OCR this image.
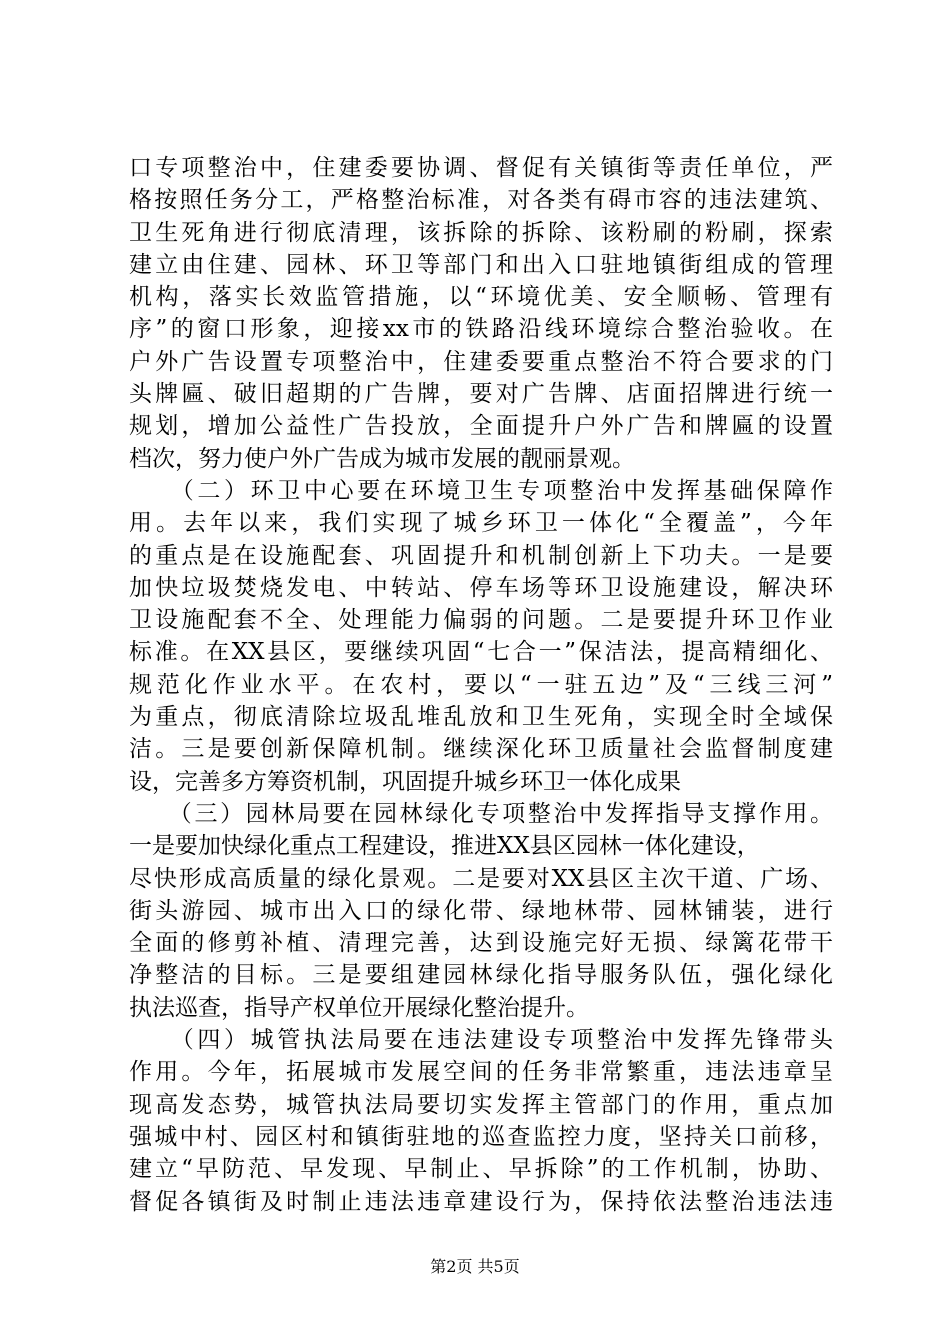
口专项整治中，住建委要协调、督促有关镇街等责任单位，严
格按照任务分工，严格整治标准，对各类有碍市容的违法建筑、
卫生死角进行彻底清理，该拆除的拆除、该粉刷的粉刷，探索
建立由住建、园林、环卫等部门和出入口驻地镇街组成的管理
机构，落实长效监管措施，以“环境优美、安全顺畅、管理有
序”的窗口形象，迎接xx市的铁路沿线环境综合整治验收。在
户外广告设置专项整治中，住建委要重点整治不符合要求的门
头牌匾、破旧超期的广告牌，要对广告牌、店面招牌进行统一
规划，增加公益性广告投放，全面提升户外广告和牌匾的设置
档次，努力使户外广告成为城市发展的靓丽景观。
　　（二）环卫中心要在环境卫生专项整治中发挥基础保障作
用。去年以来，我们实现了城乡环卫一体化“全覆盖”，今年
的重点是在设施配套、巩固提升和机制创新上下功夫。一是要
加快垃圾焚烧发电、中转站、停车场等环卫设施建设，解决环
卫设施配套不全、处理能力偏弱的问题。二是要提升环卫作业
标准。在XX县区，要继续巩固“七合一”保洁法，提高精细化、
规范化作业水平。在农村，要以“一驻五边”及“三线三河”
为重点，彻底清除垃圾乱堆乱放和卫生死角，实现全时全域保
洁。三是要创新保障机制。继续深化环卫质量社会监督制度建
设，完善多方筹资机制，巩固提升城乡环卫一体化成果
　　（三）园林局要在园林绿化专项整治中发挥指导支撑作用。
一是要加快绿化重点工程建设，推进XX县区园林一体化建设，
尽快形成高质量的绿化景观。二是要对XX县区主次干道、广场、
街头游园、城市出入口的绿化带、绿地林带、园林铺装，进行
全面的修剪补植、清理完善，达到设施完好无损、绿篱花带干
净整洁的目标。三是要组建园林绿化指导服务队伍，强化绿化
执法巡查，指导产权单位开展绿化整治提升。
　　（四）城管执法局要在违法建设专项整治中发挥先锋带头
作用。今年，拓展城市发展空间的任务非常繁重，违法违章呈
现高发态势，城管执法局要切实发挥主管部门的作用，重点加
强城中村、园区村和镇街驻地的巡查监控力度，坚持关口前移，
建立“早防范、早发现、早制止、早拆除”的工作机制，协助、
督促各镇街及时制止违法违章建设行为，保持依法整治违法违
第2页 共5页
